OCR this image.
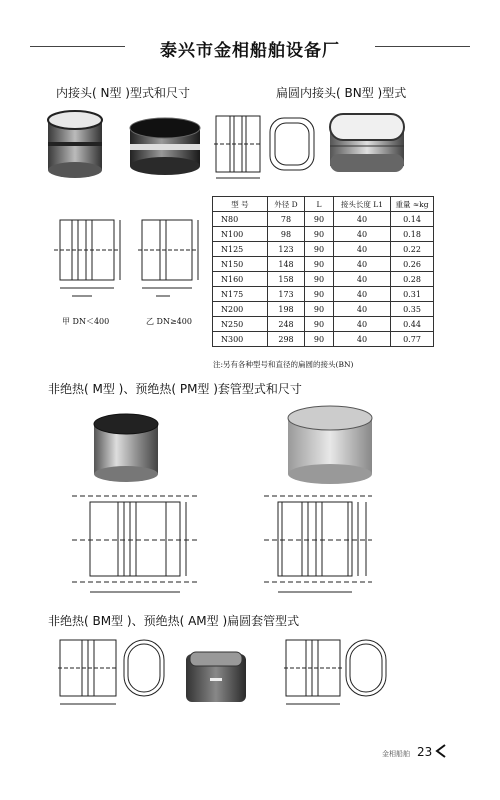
泰兴市金相船舶设备厂
内接头( N型 )型式和尺寸	扁圆内接头( BN型 )型式
甲 DN＜400	乙 DN≥400
型 号	外径 D	L	接头长度 L1	重量 ≈kg
N80	78	90	40	0.14
N100	98	90	40	0.18
N125	123	90	40	0.22
N150	148	90	40	0.26
N160	158	90	40	0.28
N175	173	90	40	0.31
N200	198	90	40	0.35
N250	248	90	40	0.44
N300	298	90	40	0.77
注:另有各种型号和直径的扁圆的接头(BN)
非绝热( M型 )、预绝热( PM型 )套管型式和尺寸
非绝热( BM型 )、预绝热( AM型 )扁圆套管型式
金相船舶 23
